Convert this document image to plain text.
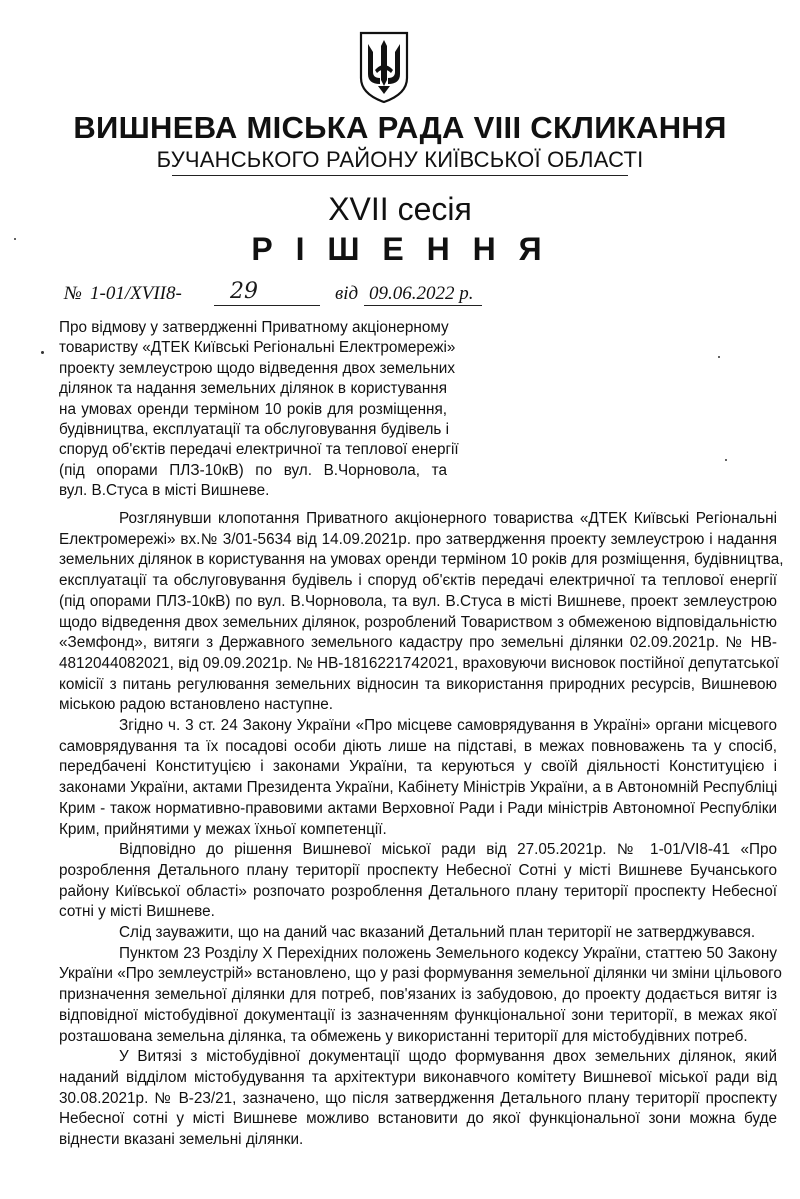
ВИШНЕВА МІСЬКА РАДА VIII СКЛИКАННЯ
БУЧАНСЬКОГО РАЙОНУ КИЇВСЬКОЇ ОБЛАСТІ
XVII сесія
Р І Ш Е Н Н Я
№ 1-01/XVII8- 29	від 09.06.2022 р.
Про відмову у затвердженні Приватному акціонерному
товариству «ДТЕК Київські Регіональні Електромережі»
проекту землеустрою щодо відведення двох земельних
ділянок та надання земельних ділянок в користування
на умовах оренди терміном 10 років для розміщення,
будівництва, експлуатації та обслуговування будівель і
споруд об'єктів передачі електричної та теплової енергії
(під опорами ПЛЗ-10кВ) по вул. В.Чорновола, та
вул. В.Стуса в місті Вишневе.
Розглянувши клопотання Приватного акціонерного товариства «ДТЕК Київські Регіональні
Електромережі» вх.№ 3/01-5634 від 14.09.2021р. про затвердження проекту землеустрою і надання
земельних ділянок в користування на умовах оренди терміном 10 років для розміщення, будівництва,
експлуатації та обслуговування будівель і споруд об'єктів передачі електричної та теплової енергії
(під опорами ПЛЗ-10кВ) по вул. В.Чорновола, та вул. В.Стуса в місті Вишневе, проект землеустрою
щодо відведення двох земельних ділянок, розроблений Товариством з обмеженою відповідальністю
«Земфонд», витяги з Державного земельного кадастру про земельні ділянки 02.09.2021р. № НВ-
4812044082021, від 09.09.2021р. № НВ-1816221742021, враховуючи висновок постійної депутатської
комісії з питань регулювання земельних відносин та використання природних ресурсів, Вишневою
міською радою встановлено наступне.
Згідно ч. 3 ст. 24 Закону України «Про місцеве самоврядування в Україні» органи місцевого
самоврядування та їх посадові особи діють лише на підставі, в межах повноважень та у спосіб,
передбачені Конституцією і законами України, та керуються у своїй діяльності Конституцією і
законами України, актами Президента України, Кабінету Міністрів України, а в Автономній Республіці
Крим - також нормативно-правовими актами Верховної Ради і Ради міністрів Автономної Республіки
Крим, прийнятими у межах їхньої компетенції.
Відповідно до рішення Вишневої міської ради від 27.05.2021р. № 1-01/VI8-41 «Про
розроблення Детального плану території проспекту Небесної Сотні у місті Вишневе Бучанського
району Київської області» розпочато розроблення Детального плану території проспекту Небесної
сотні у місті Вишневе.
Слід зауважити, що на даний час вказаний Детальний план території не затверджувався.
Пунктом 23 Розділу X Перехідних положень Земельного кодексу України, статтею 50 Закону
України «Про землеустрій» встановлено, що у разі формування земельної ділянки чи зміни цільового
призначення земельної ділянки для потреб, пов'язаних із забудовою, до проекту додається витяг із
відповідної містобудівної документації із зазначенням функціональної зони території, в межах якої
розташована земельна ділянка, та обмежень у використанні території для містобудівних потреб.
У Витязі з містобудівної документації щодо формування двох земельних ділянок, який
наданий відділом містобудування та архітектури виконавчого комітету Вишневої міської ради від
30.08.2021р. № В-23/21, зазначено, що після затвердження Детального плану території проспекту
Небесної сотні у місті Вишневе можливо встановити до якої функціональної зони можна буде
віднести вказані земельні ділянки.
